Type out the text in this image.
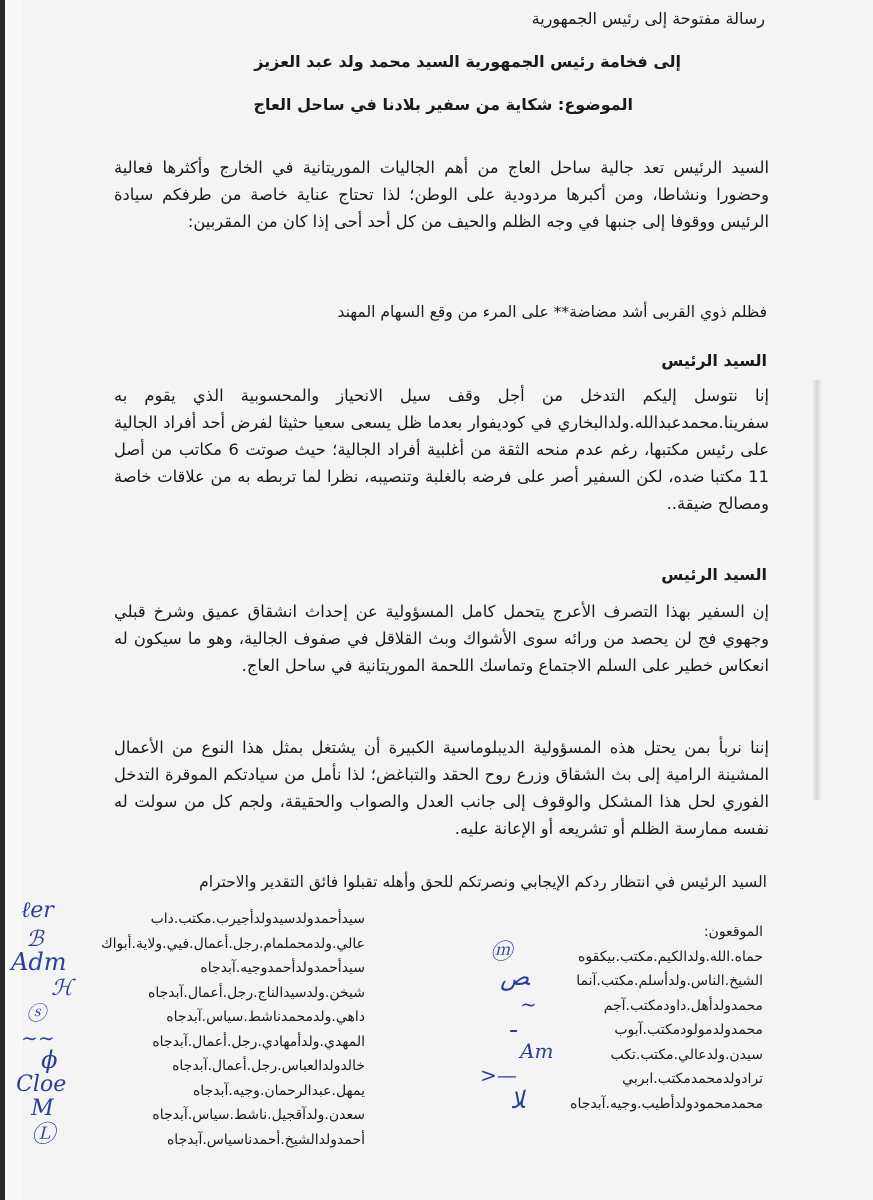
رسالة مفتوحة إلى رئيس الجمهورية
إلى فخامة رئيس الجمهورية السيد محمد ولد عبد العزيز
الموضوع: شكاية من سفير بلادنا في ساحل العاج
السيد الرئيس تعد جالية ساحل العاج من أهم الجاليات الموريتانية في الخارج وأكثرها فعالية وحضورا ونشاطا، ومن أكبرها مردودية على الوطن؛ لذا تحتاج عناية خاصة من طرفكم سيادة الرئيس ووقوفا إلى جنبها في وجه الظلم والحيف من كل أحد أحى إذا كان من المقربين:
فظلم ذوي القربى أشد مضاضة** على المرء من وقع السهام المهند
السيد الرئيس
إنا نتوسل إليكم التدخل من أجل وقف سيل الانحياز والمحسوبية الذي يقوم به سفرينا.محمدعبدالله.ولدالبخاري في كوديفوار بعدما ظل يسعى سعيا حثيثا لفرض أحد أفراد الجالية على رئيس مكتبها، رغم عدم منحه الثقة من أغلبية أفراد الجالية؛ حيث صوتت 6 مكاتب من أصل 11 مكتبا ضده، لكن السفير أصر على فرضه بالغلبة وتنصيبه، نظرا لما تربطه به من علاقات خاصة ومصالح ضيقة..
السيد الرئيس
إن السفير بهذا التصرف الأعرج يتحمل كامل المسؤولية عن إحداث انشقاق عميق وشرخ قبلي وجهوي فج لن يحصد من ورائه سوى الأشواك وبث القلاقل في صفوف الجالية، وهو ما سيكون له انعكاس خطير على السلم الاجتماع وتماسك اللحمة الموريتانية في ساحل العاج.
إننا نربأ بمن يحتل هذه المسؤولية الديبلوماسية الكبيرة أن يشتغل بمثل هذا النوع من الأعمال المشينة الرامية إلى بث الشقاق وزرع روح الحقد والتباغض؛ لذا نأمل من سيادتكم الموقرة التدخل الفوري لحل هذا المشكل والوقوف إلى جانب العدل والصواب والحقيقة، ولجم كل من سولت له نفسه ممارسة الظلم أو تشريعه أو الإعانة عليه.
السيد الرئيس في انتظار ردكم الإيجابي ونصرتكم للحق وأهله تقبلوا فائق التقدير والاحترام
الموقعون:
حماه.الله.ولدالكيم.مكتب.بيكقوه
ⓜ
الشيخ.الناس.ولدأسلم.مكتب.آنما
ﺺ
محمدولدأهل.داودمكتب.آجم
~
محمدولدمولودمكتب.آبوب
ـ
سيدن.ولدعالي.مكتب.تكب
Am
ترادولدمحمدمكتب.ابربي
—<
محمدمحمودولدأطيب.وجيه.آبدجاه
ﻼ
سيدأحمدولدسيدولدأجيرب.مكتب.داب
ℓer
عالي.ولدمحملمام.رجل.أعمال.فيي.ولاية.أبواك
ℬ
سيدأحمدولدأحمدوجيه.آبدجاه
Adm
شيخن.ولدسيدالناج.رجل.أعمال.آبدجاه
ℋ
داهي.ولدمحمدناشط.سياس.آبدجاه
ⓢ
المهدي.ولدأمهادي.رجل.أعمال.آبدجاه
∽∽
خالدولدالعباس.رجل.أعمال.آبدجاه
ϕ
يمهل.عبدالرحمان.وجيه.آبدجاه
Cloe
سعدن.ولدآقجيل.ناشط.سياس.آبدجاه
M
أحمدولدالشيخ.أحمدناسياس.آبدجاه
Ⓛ
